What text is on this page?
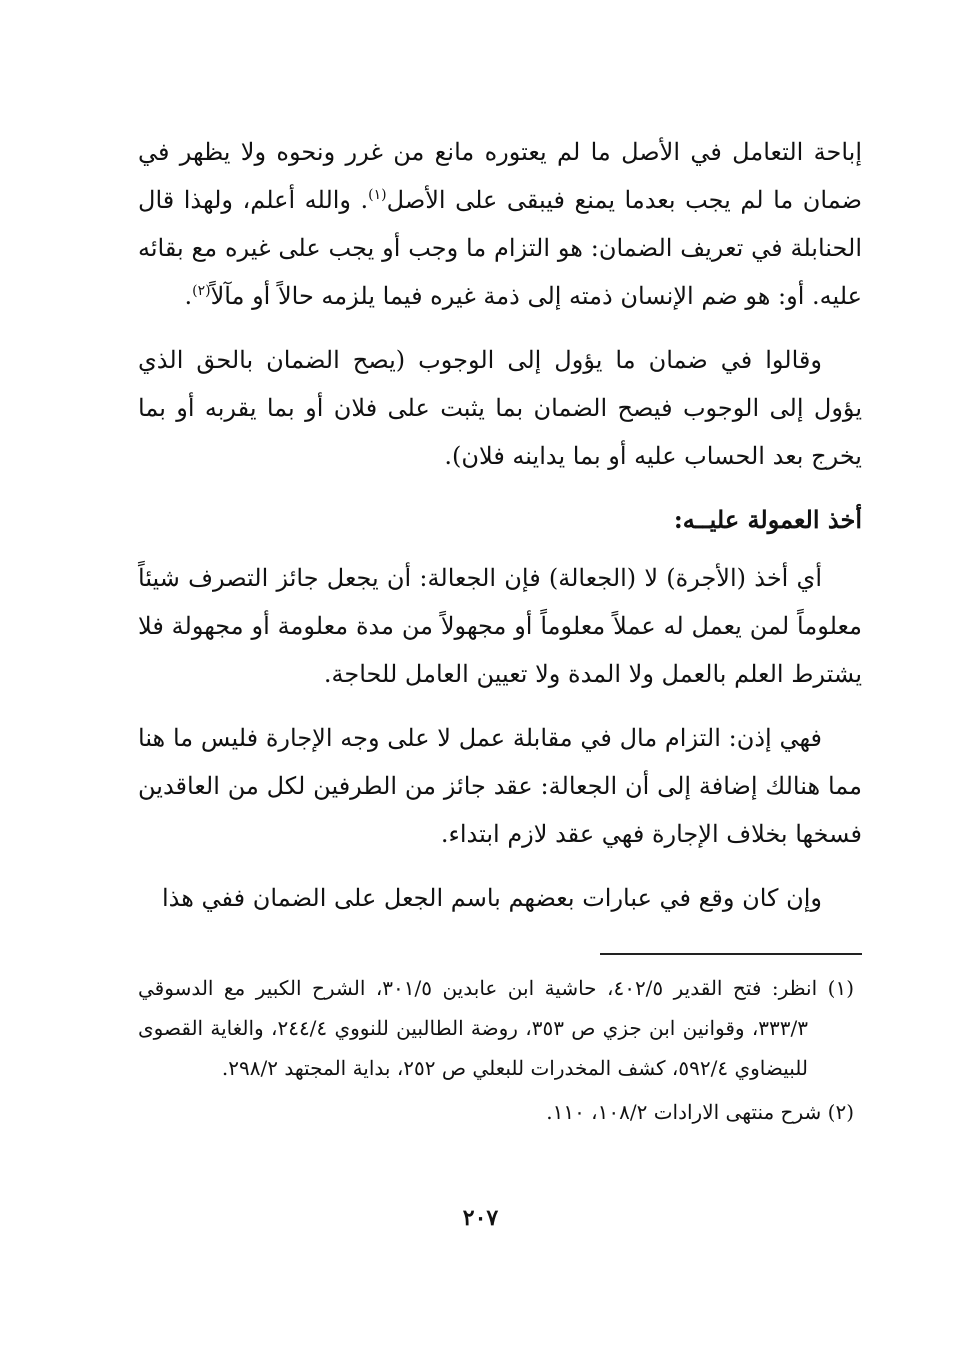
إباحة التعامل في الأصل ما لم يعتوره مانع من غرر ونحوه ولا يظهر في ضمان ما لم يجب بعدما يمنع فيبقى على الأصل$^{(١)}$. والله أعلم، ولهذا قال الحنابلة في تعريف الضمان: هو التزام ما وجب أو يجب على غيره مع بقائه عليه. أو: هو ضم الإنسان ذمته إلى ذمة غيره فيما يلزمه حالاً أو مآلاً$^{(٢)}$.

وقالوا في ضمان ما يؤول إلى الوجوب (يصح الضمان بالحق الذي يؤول إلى الوجوب فيصح الضمان بما يثبت على فلان أو بما يقربه أو بما يخرج بعد الحساب عليه أو بما يداينه فلان).

أخذ العمولة عليــه:

أي أخذ (الأجرة) لا (الجعالة) فإن الجعالة: أن يجعل جائز التصرف شيئاً معلوماً لمن يعمل له عملاً معلوماً أو مجهولاً من مدة معلومة أو مجهولة فلا يشترط العلم بالعمل ولا المدة ولا تعيين العامل للحاجة.

فهي إذن: التزام مال في مقابلة عمل لا على وجه الإجارة فليس ما هنا مما هنالك إضافة إلى أن الجعالة: عقد جائز من الطرفين لكل من العاقدين فسخها بخلاف الإجارة فهي عقد لازم ابتداء.

وإن كان وقع في عبارات بعضهم باسم الجعل على الضمان ففي هذا

(١) انظر: فتح القدير ٤٠٢/٥، حاشية ابن عابدين ٣٠١/٥، الشرح الكبير مع الدسوقي ٣٣٣/٣، وقوانين ابن جزي ص ٣٥٣، روضة الطالبين للنووي ٢٤٤/٤، والغاية القصوى للبيضاوي ٥٩٢/٤، كشف المخدرات للبعلي ص ٢٥٢، بداية المجتهد ٢٩٨/٢.

(٢) شرح منتهى الارادات ١٠٨/٢، ١١٠.

٢٠٧
